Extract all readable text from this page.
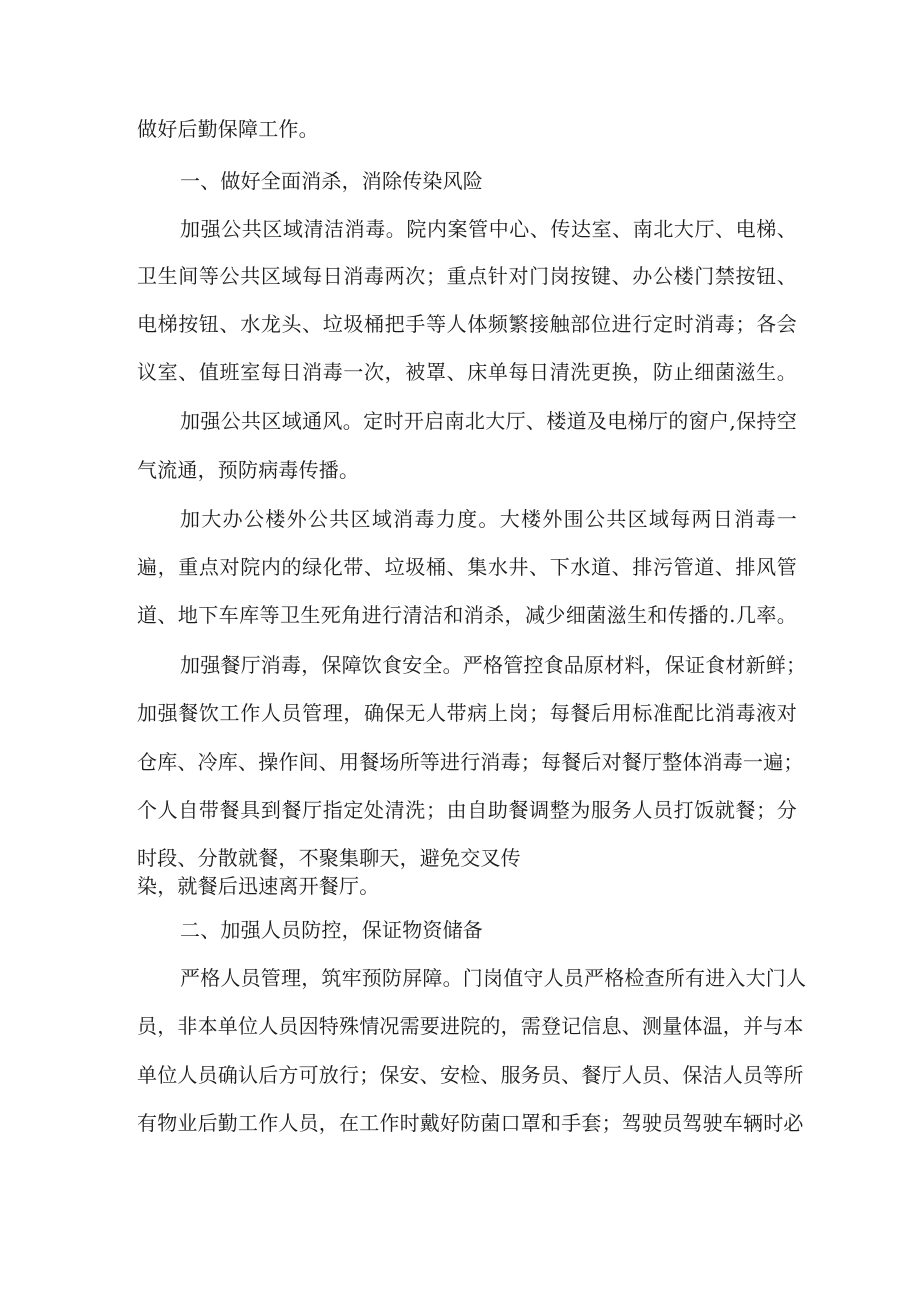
做好后勤保障工作。

一、做好全面消杀，消除传染风险

加强公共区域清洁消毒。院内案管中心、传达室、南北大厅、电梯、

卫生间等公共区域每日消毒两次；重点针对门岗按键、办公楼门禁按钮、

电梯按钮、水龙头、垃圾桶把手等人体频繁接触部位进行定时消毒；各会

议室、值班室每日消毒一次，被罩、床单每日清洗更换，防止细菌滋生。

加强公共区域通风。定时开启南北大厅、楼道及电梯厅的窗户,保持空

气流通，预防病毒传播。

加大办公楼外公共区域消毒力度。大楼外围公共区域每两日消毒一

遍，重点对院内的绿化带、垃圾桶、集水井、下水道、排污管道、排风管

道、地下车库等卫生死角进行清洁和消杀，减少细菌滋生和传播的.几率。

加强餐厅消毒，保障饮食安全。严格管控食品原材料，保证食材新鲜；

加强餐饮工作人员管理，确保无人带病上岗；每餐后用标准配比消毒液对

仓库、冷库、操作间、用餐场所等进行消毒；每餐后对餐厅整体消毒一遍；

个人自带餐具到餐厅指定处清洗；由自助餐调整为服务人员打饭就餐；分

时段、分散就餐，不聚集聊天，避免交叉传

染，就餐后迅速离开餐厅。

二、加强人员防控，保证物资储备

严格人员管理，筑牢预防屏障。门岗值守人员严格检查所有进入大门人

员，非本单位人员因特殊情况需要进院的，需登记信息、测量体温，并与本

单位人员确认后方可放行；保安、安检、服务员、餐厅人员、保洁人员等所

有物业后勤工作人员，在工作时戴好防菌口罩和手套；驾驶员驾驶车辆时必
